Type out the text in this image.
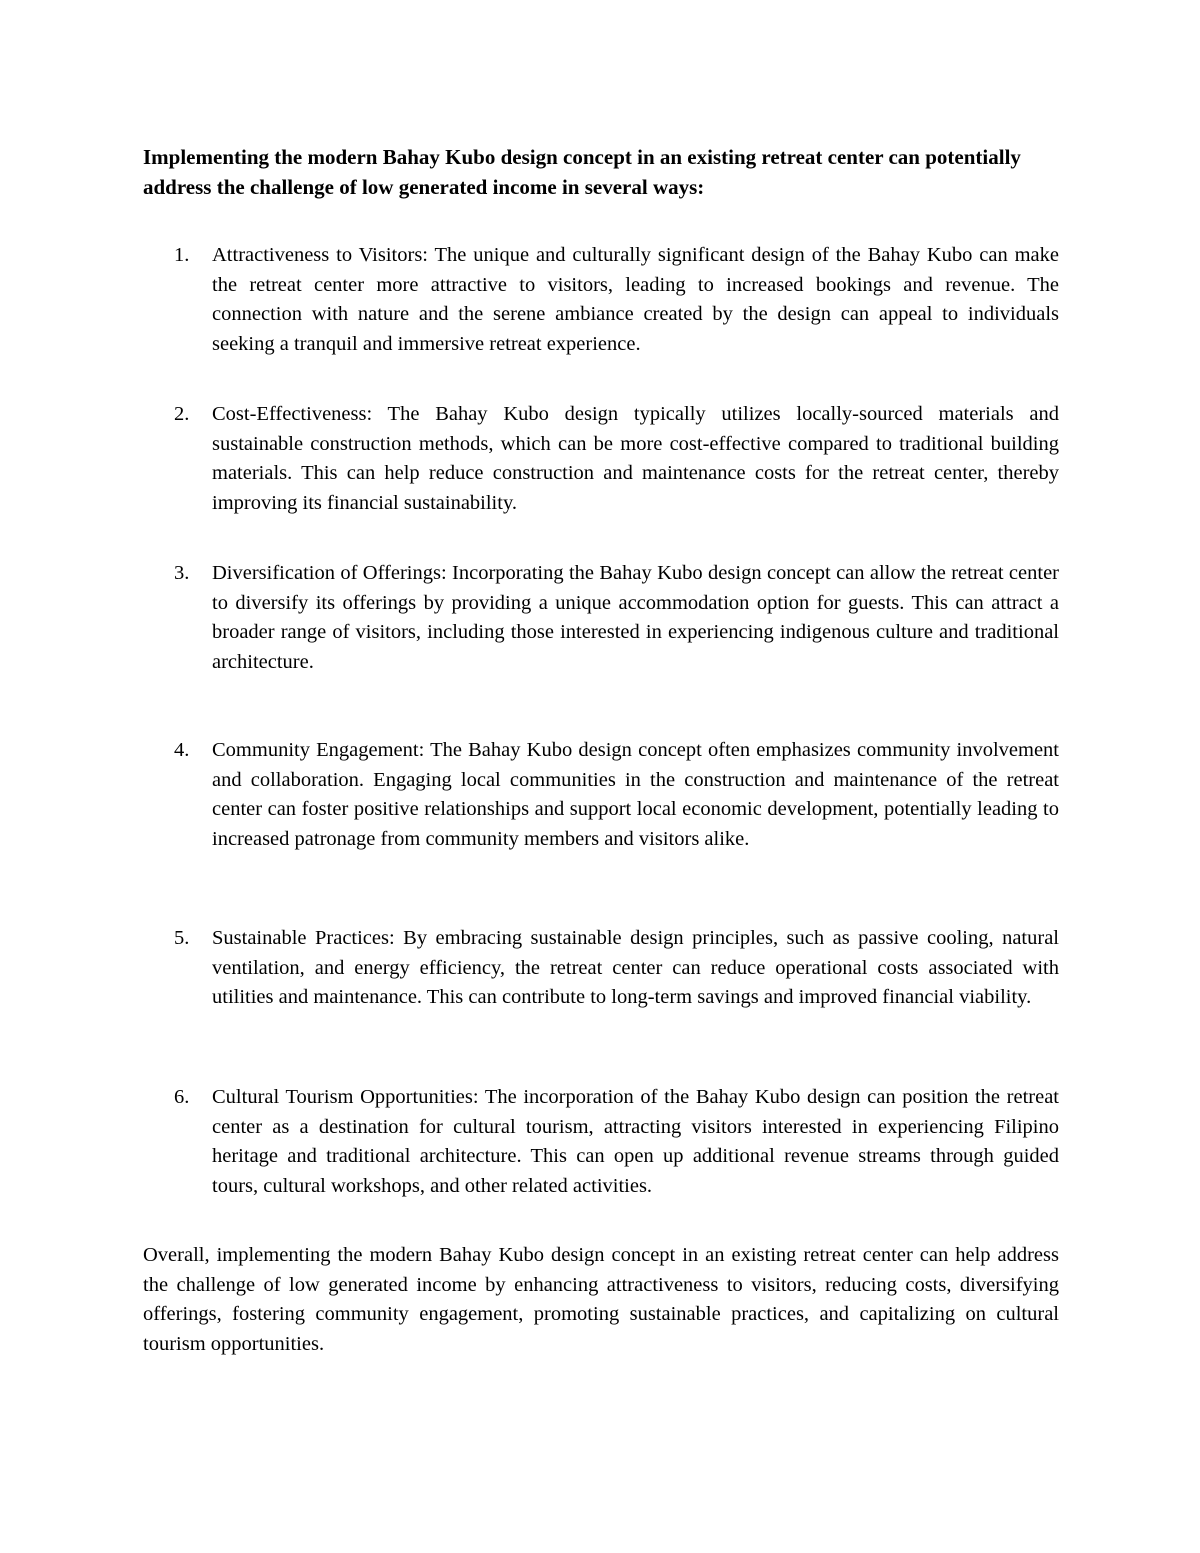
Implementing the modern Bahay Kubo design concept in an existing retreat center can potentially address the challenge of low generated income in several ways:

1.	Attractiveness to Visitors: The unique and culturally significant design of the Bahay Kubo can make the retreat center more attractive to visitors, leading to increased bookings and revenue. The connection with nature and the serene ambiance created by the design can appeal to individuals seeking a tranquil and immersive retreat experience.
2.	Cost-Effectiveness: The Bahay Kubo design typically utilizes locally-sourced materials and sustainable construction methods, which can be more cost-effective compared to traditional building materials. This can help reduce construction and maintenance costs for the retreat center, thereby improving its financial sustainability.
3.	Diversification of Offerings: Incorporating the Bahay Kubo design concept can allow the retreat center to diversify its offerings by providing a unique accommodation option for guests. This can attract a broader range of visitors, including those interested in experiencing indigenous culture and traditional architecture.
4.	Community Engagement: The Bahay Kubo design concept often emphasizes community involvement and collaboration. Engaging local communities in the construction and maintenance of the retreat center can foster positive relationships and support local economic development, potentially leading to increased patronage from community members and visitors alike.
5.	Sustainable Practices: By embracing sustainable design principles, such as passive cooling, natural ventilation, and energy efficiency, the retreat center can reduce operational costs associated with utilities and maintenance. This can contribute to long-term savings and improved financial viability.
6.	Cultural Tourism Opportunities: The incorporation of the Bahay Kubo design can position the retreat center as a destination for cultural tourism, attracting visitors interested in experiencing Filipino heritage and traditional architecture. This can open up additional revenue streams through guided tours, cultural workshops, and other related activities.

Overall, implementing the modern Bahay Kubo design concept in an existing retreat center can help address the challenge of low generated income by enhancing attractiveness to visitors, reducing costs, diversifying offerings, fostering community engagement, promoting sustainable practices, and capitalizing on cultural tourism opportunities.
